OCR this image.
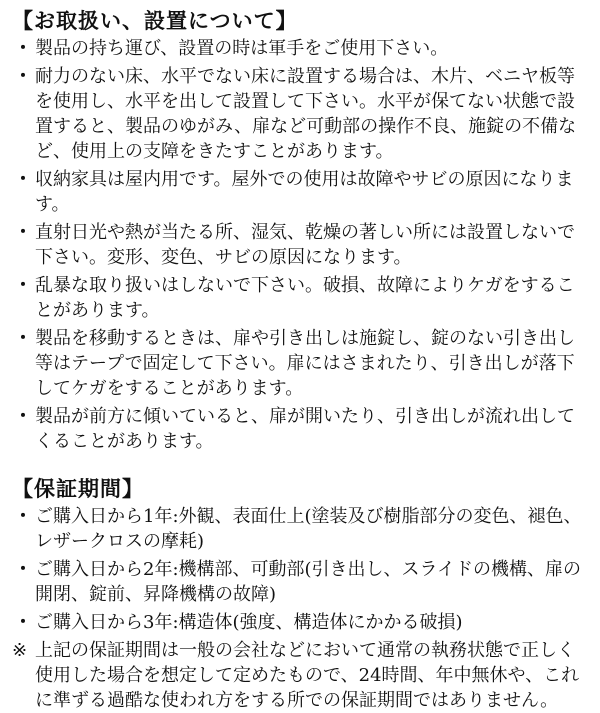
【お取扱い、設置について】
・ 製品の持ち運び、設置の時は軍手をご使用下さい。
・ 耐力のない床、水平でない床に設置する場合は、木片、ベニヤ板等を使用し、水平を出して設置して下さい。水平が保てない状態で設置すると、製品のゆがみ、扉など可動部の操作不良、施錠の不備など、使用上の支障をきたすことがあります。
・ 収納家具は屋内用です。屋外での使用は故障やサビの原因になります。
・ 直射日光や熱が当たる所、湿気、乾燥の著しい所には設置しないで下さい。変形、変色、サビの原因になります。
・ 乱暴な取り扱いはしないで下さい。破損、故障によりケガをすることがあります。
・ 製品を移動するときは、扉や引き出しは施錠し、錠のない引き出し等はテープで固定して下さい。扉にはさまれたり、引き出しが落下してケガをすることがあります。
・ 製品が前方に傾いていると、扉が開いたり、引き出しが流れ出してくることがあります。
【保証期間】
・ ご購入日から1年:外観、表面仕上(塗装及び樹脂部分の変色、褪色、レザークロスの摩耗)
・ ご購入日から2年:機構部、可動部(引き出し、スライドの機構、扉の開閉、錠前、昇降機構の故障)
・ ご購入日から3年:構造体(強度、構造体にかかる破損)
※ 上記の保証期間は一般の会社などにおいて通常の執務状態で正しく使用した場合を想定して定めたもので、24時間、年中無休や、これに準ずる過酷な使われ方をする所での保証期間ではありません。
